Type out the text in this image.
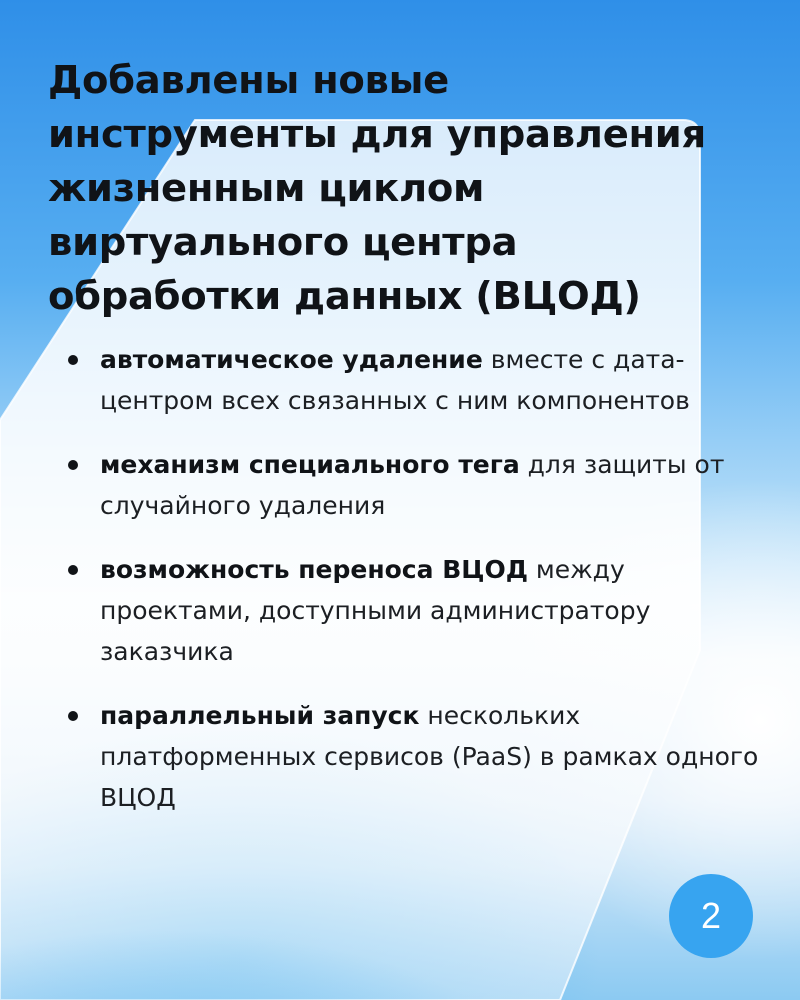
Добавлены новые инструменты для управления жизненным циклом виртуального центра обработки данных (ВЦОД)
автоматическое удаление вместе с дата-центром всех связанных с ним компонентов
механизм специального тега для защиты от случайного удаления
возможность переноса ВЦОД между проектами, доступными администратору заказчика
параллельный запуск нескольких платформенных сервисов (PaaS) в рамках одного ВЦОД
2
